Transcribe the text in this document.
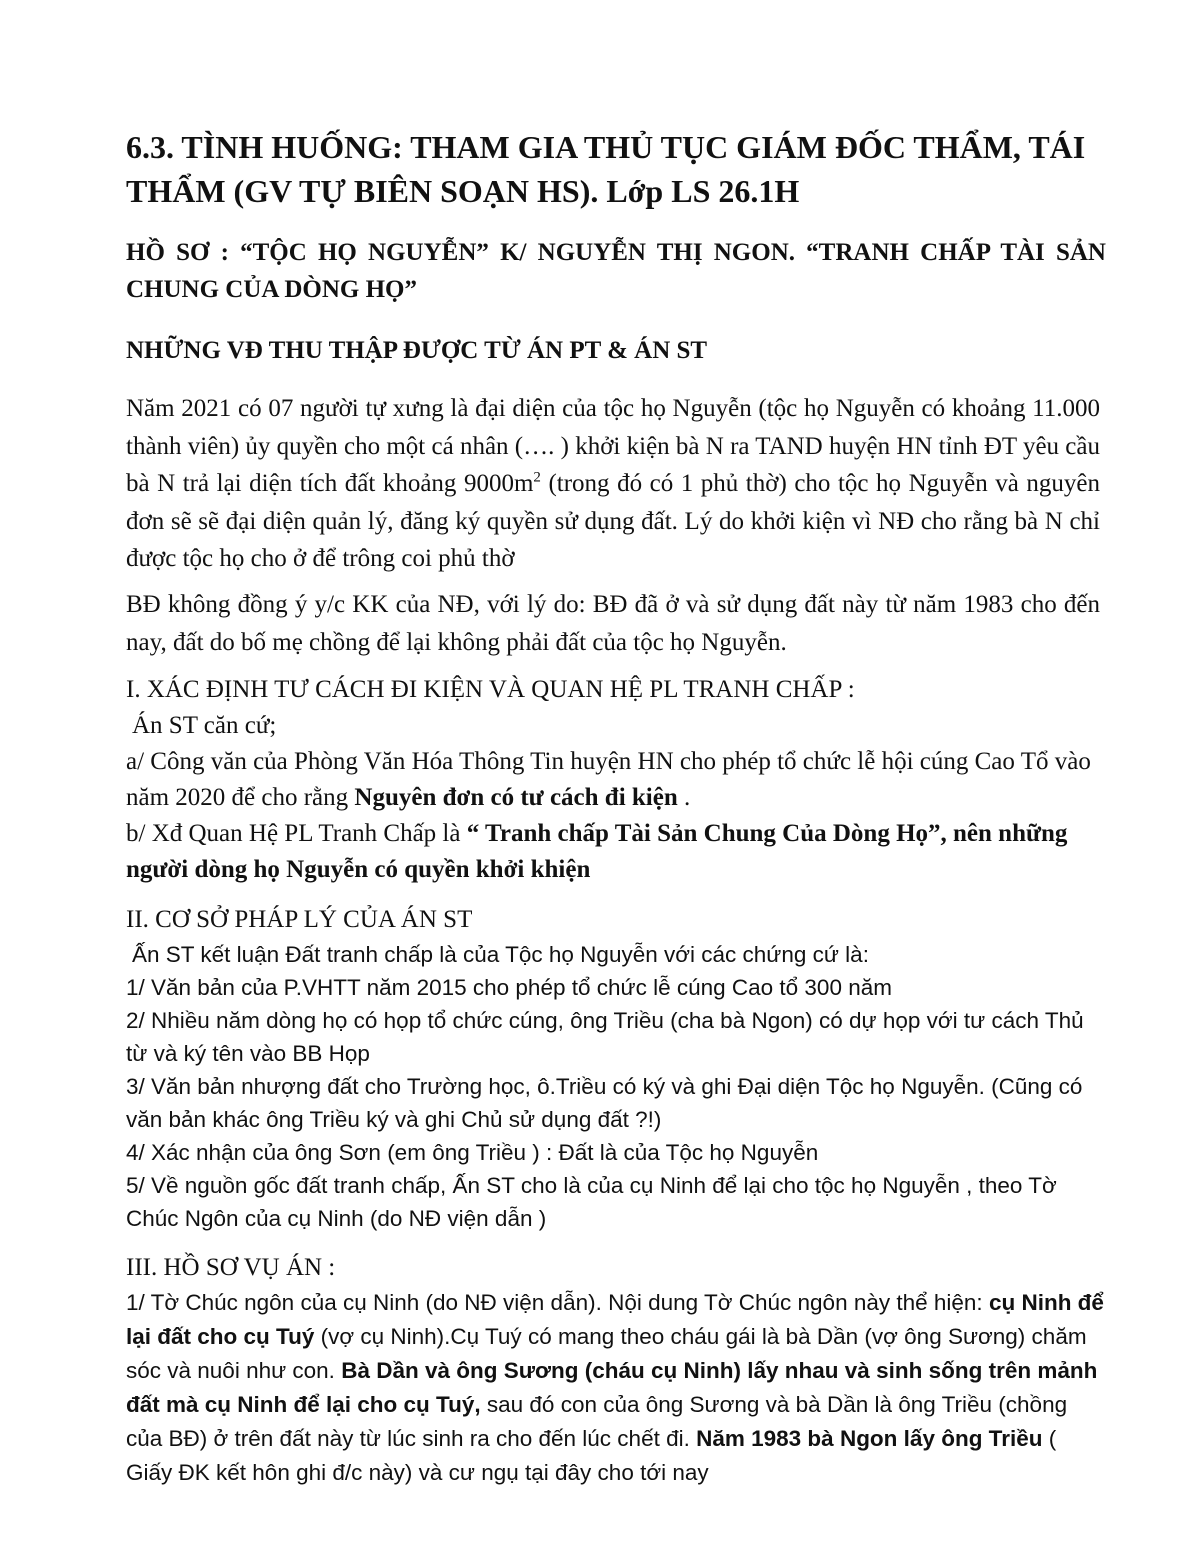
6.3. TÌNH HUỐNG: THAM GIA THỦ TỤC GIÁM ĐỐC THẨM, TÁI
THẨM (GV TỰ BIÊN SOẠN HS). Lớp LS 26.1H
HỒ SƠ : “TỘC HỌ NGUYỄN” K/ NGUYỄN THỊ NGON. “TRANH CHẤP TÀI SẢN CHUNG CỦA DÒNG HỌ”
NHỮNG VĐ THU THẬP ĐƯỢC TỪ ÁN PT & ÁN ST

Năm 2021 có 07 người tự xưng là đại diện của tộc họ Nguyễn (tộc họ Nguyễn có khoảng 11.000 thành viên) ủy quyền cho một cá nhân (…. ) khởi kiện bà N ra TAND huyện HN tỉnh ĐT yêu cầu bà N trả lại diện tích đất khoảng $9000m^2$ (trong đó có 1 phủ thờ) cho tộc họ Nguyễn và nguyên đơn sẽ sẽ đại diện quản lý, đăng ký quyền sử dụng đất. Lý do khởi kiện vì NĐ cho rằng bà N chỉ được tộc họ cho ở để trông coi phủ thờ

BĐ không đồng ý y/c KK của NĐ, với lý do: BĐ đã ở và sử dụng đất này từ năm 1983 cho đến nay, đất do bố mẹ chồng để lại không phải đất của tộc họ Nguyễn.

I. XÁC ĐỊNH TƯ CÁCH ĐI KIỆN VÀ QUAN HỆ PL TRANH CHẤP :

Án ST căn cứ;

a/ Công văn của Phòng Văn Hóa Thông Tin huyện HN cho phép tổ chức lễ hội cúng Cao Tổ vào năm 2020 để cho rằng Nguyên đơn có tư cách đi kiện .

b/ Xđ Quan Hệ PL Tranh Chấp là “ Tranh chấp Tài Sản Chung Của Dòng Họ”, nên những người dòng họ Nguyễn có quyền khởi khiện

II. CƠ SỞ PHÁP LÝ CỦA ÁN ST

Ấn ST kết luận Đất tranh chấp là của Tộc họ Nguyễn với các chứng cứ là:

1/ Văn bản của P.VHTT năm 2015 cho phép tổ chức lễ cúng Cao tổ 300 năm

2/ Nhiều năm dòng họ có họp tổ chức cúng, ông Triều (cha bà Ngon) có dự họp với tư cách Thủ từ và ký tên vào BB Họp

3/ Văn bản nhượng đất cho Trường học, ô.Triều có ký và ghi Đại diện Tộc họ Nguyễn. (Cũng có văn bản khác ông Triều ký và ghi Chủ sử dụng đất ?!)

4/ Xác nhận của ông Sơn (em ông Triều ) : Đất là của Tộc họ Nguyễn

5/ Về nguồn gốc đất tranh chấp, Ấn ST cho là của cụ Ninh để lại cho tộc họ Nguyễn , theo Tờ Chúc Ngôn của cụ Ninh (do NĐ viện dẫn )

III. HỒ SƠ VỤ ÁN :

1/ Tờ Chúc ngôn của cụ Ninh (do NĐ viện dẫn). Nội dung Tờ Chúc ngôn này thể hiện: cụ Ninh để lại đất cho cụ Tuý (vợ cụ Ninh).Cụ Tuý có mang theo cháu gái là bà Dần (vợ ông Sương) chăm sóc và nuôi như con. Bà Dần và ông Sương (cháu cụ Ninh) lấy nhau và sinh sống trên mảnh đất mà cụ Ninh để lại cho cụ Tuý, sau đó con của ông Sương và bà Dần là ông Triều (chồng của BĐ) ở trên đất này từ lúc sinh ra cho đến lúc chết đi. Năm 1983 bà Ngon lấy ông Triều ( Giấy ĐK kết hôn ghi đ/c này) và cư ngụ tại đây cho tới nay
